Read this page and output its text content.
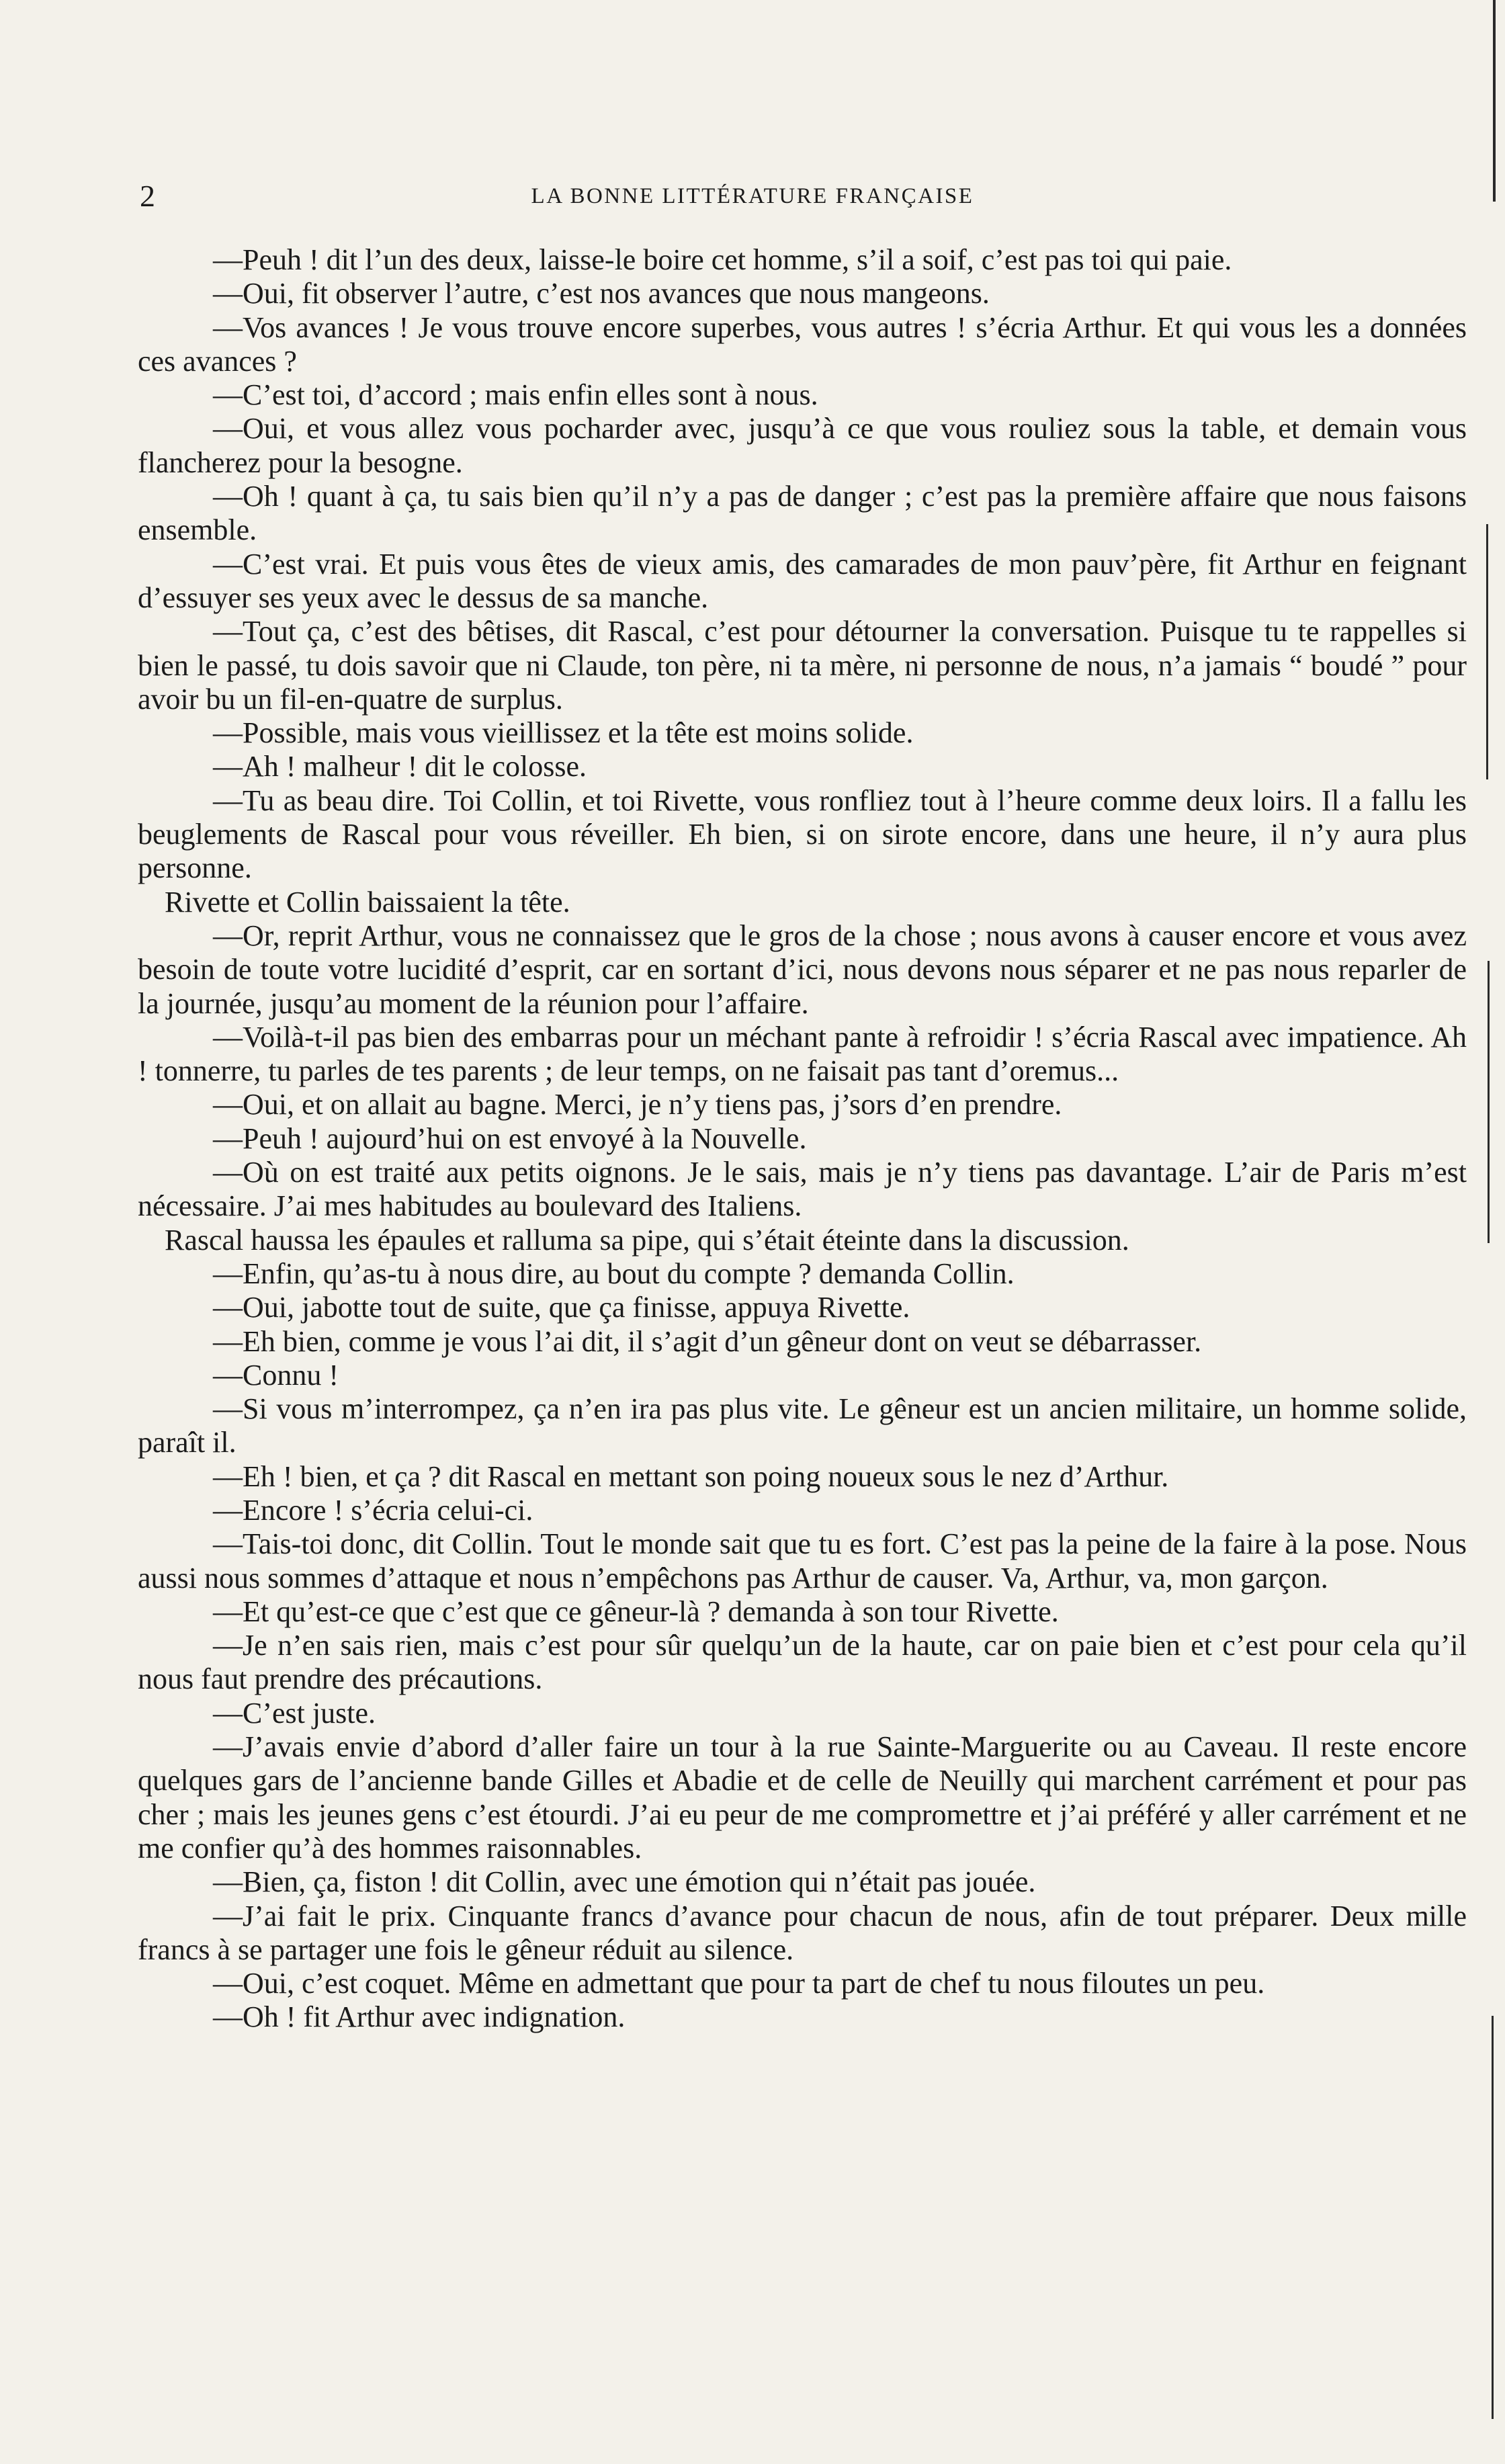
2	LA BONNE LITTÉRATURE FRANÇAISE

—Peuh ! dit l’un des deux, laisse-le boire cet homme, s’il a soif, c’est pas toi qui paie.

—Oui, fit observer l’autre, c’est nos avances que nous mangeons.

—Vos avances ! Je vous trouve encore superbes, vous autres ! s’écria Arthur. Et qui vous les a données ces avances ?

—C’est toi, d’accord ; mais enfin elles sont à nous.

—Oui, et vous allez vous pocharder avec, jusqu’à ce que vous rouliez sous la table, et demain vous flancherez pour la besogne.

—Oh ! quant à ça, tu sais bien qu’il n’y a pas de danger ; c’est pas la première affaire que nous faisons ensemble.

—C’est vrai. Et puis vous êtes de vieux amis, des camarades de mon pauv’père, fit Arthur en feignant d’essuyer ses yeux avec le dessus de sa manche.

—Tout ça, c’est des bêtises, dit Rascal, c’est pour détourner la conversation. Puisque tu te rappelles si bien le passé, tu dois savoir que ni Claude, ton père, ni ta mère, ni personne de nous, n’a jamais “ boudé ” pour avoir bu un fil-en-quatre de surplus.

—Possible, mais vous vieillissez et la tête est moins solide.

—Ah ! malheur ! dit le colosse.

—Tu as beau dire. Toi Collin, et toi Rivette, vous ronfliez tout à l’heure comme deux loirs. Il a fallu les beuglements de Rascal pour vous réveiller. Eh bien, si on sirote encore, dans une heure, il n’y aura plus personne.

Rivette et Collin baissaient la tête.

—Or, reprit Arthur, vous ne connaissez que le gros de la chose ; nous avons à causer encore et vous avez besoin de toute votre lucidité d’esprit, car en sortant d’ici, nous devons nous séparer et ne pas nous reparler de la journée, jusqu’au moment de la réunion pour l’affaire.

—Voilà-t-il pas bien des embarras pour un méchant pante à refroidir ! s’écria Rascal avec impatience. Ah ! tonnerre, tu parles de tes parents ; de leur temps, on ne faisait pas tant d’oremus...

—Oui, et on allait au bagne. Merci, je n’y tiens pas, j’sors d’en prendre.

—Peuh ! aujourd’hui on est envoyé à la Nouvelle.

—Où on est traité aux petits oignons. Je le sais, mais je n’y tiens pas davantage. L’air de Paris m’est nécessaire. J’ai mes habitudes au boulevard des Italiens.

Rascal haussa les épaules et ralluma sa pipe, qui s’était éteinte dans la discussion.

—Enfin, qu’as-tu à nous dire, au bout du compte ? demanda Collin.

—Oui, jabotte tout de suite, que ça finisse, appuya Rivette.

—Eh bien, comme je vous l’ai dit, il s’agit d’un gêneur dont on veut se débarrasser.

—Connu !

—Si vous m’interrompez, ça n’en ira pas plus vite. Le gêneur est un ancien militaire, un homme solide, paraît il.

—Eh ! bien, et ça ? dit Rascal en mettant son poing noueux sous le nez d’Arthur.

—Encore ! s’écria celui-ci.

—Tais-toi donc, dit Collin. Tout le monde sait que tu es fort. C’est pas la peine de la faire à la pose. Nous aussi nous sommes d’attaque et nous n’empêchons pas Arthur de causer. Va, Arthur, va, mon garçon.

—Et qu’est-ce que c’est que ce gêneur-là ? demanda à son tour Rivette.

—Je n’en sais rien, mais c’est pour sûr quelqu’un de la haute, car on paie bien et c’est pour cela qu’il nous faut prendre des précautions.

—C’est juste.

—J’avais envie d’abord d’aller faire un tour à la rue Sainte-Marguerite ou au Caveau. Il reste encore quelques gars de l’ancienne bande Gilles et Abadie et de celle de Neuilly qui marchent carrément et pour pas cher ; mais les jeunes gens c’est étourdi. J’ai eu peur de me compromettre et j’ai préféré y aller carrément et ne me confier qu’à des hommes raisonnables.

—Bien, ça, fiston ! dit Collin, avec une émotion qui n’était pas jouée.

—J’ai fait le prix. Cinquante francs d’avance pour chacun de nous, afin de tout préparer. Deux mille francs à se partager une fois le gêneur réduit au silence.

—Oui, c’est coquet. Même en admettant que pour ta part de chef tu nous filoutes un peu.

—Oh ! fit Arthur avec indignation.
